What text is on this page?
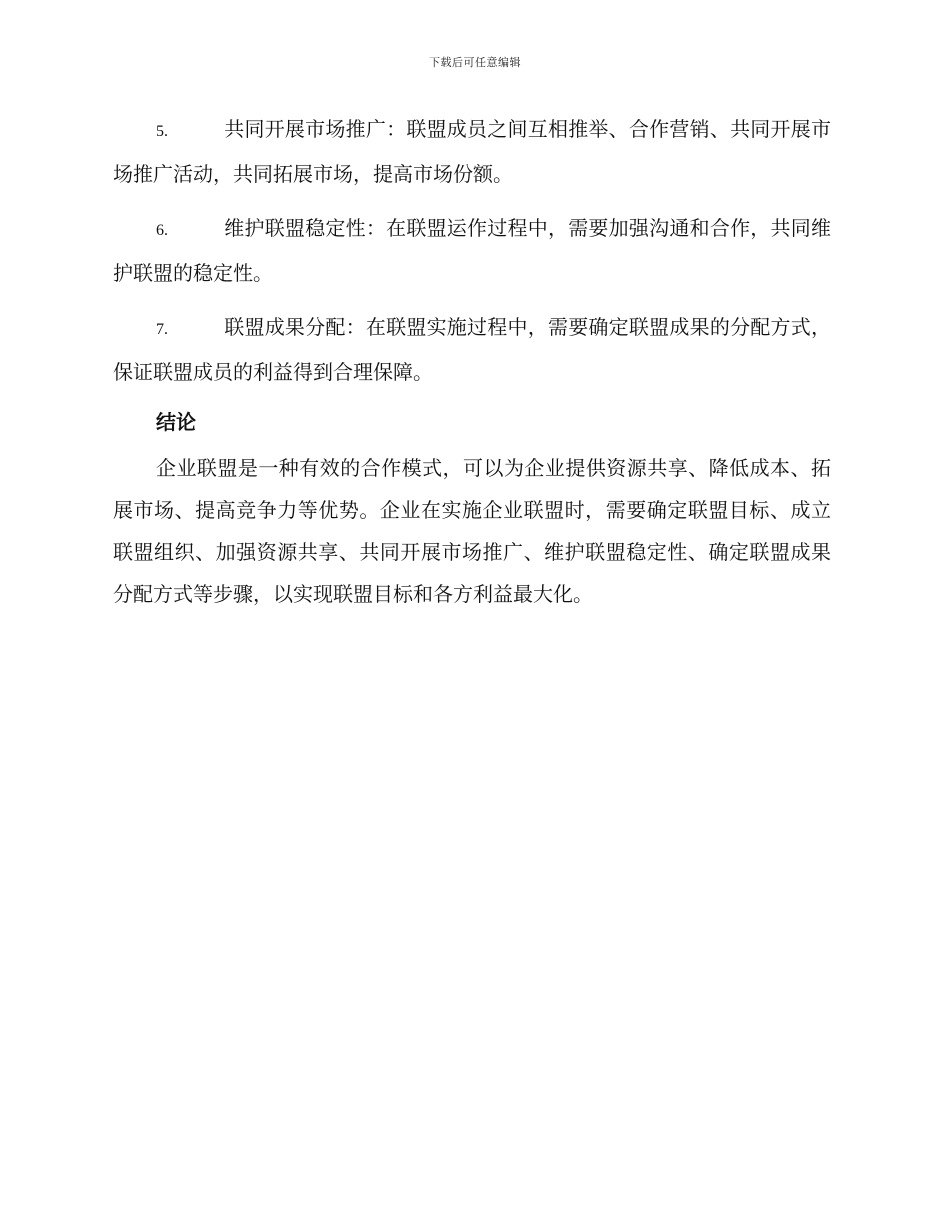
下载后可任意编辑

5.	共同开展市场推广：联盟成员之间互相推举、合作营销、共同开展市场推广活动，共同拓展市场，提高市场份额。

6.	维护联盟稳定性：在联盟运作过程中，需要加强沟通和合作，共同维护联盟的稳定性。

7.	联盟成果分配：在联盟实施过程中，需要确定联盟成果的分配方式，保证联盟成员的利益得到合理保障。

结论

企业联盟是一种有效的合作模式，可以为企业提供资源共享、降低成本、拓展市场、提高竞争力等优势。企业在实施企业联盟时，需要确定联盟目标、成立联盟组织、加强资源共享、共同开展市场推广、维护联盟稳定性、确定联盟成果分配方式等步骤，以实现联盟目标和各方利益最大化。
